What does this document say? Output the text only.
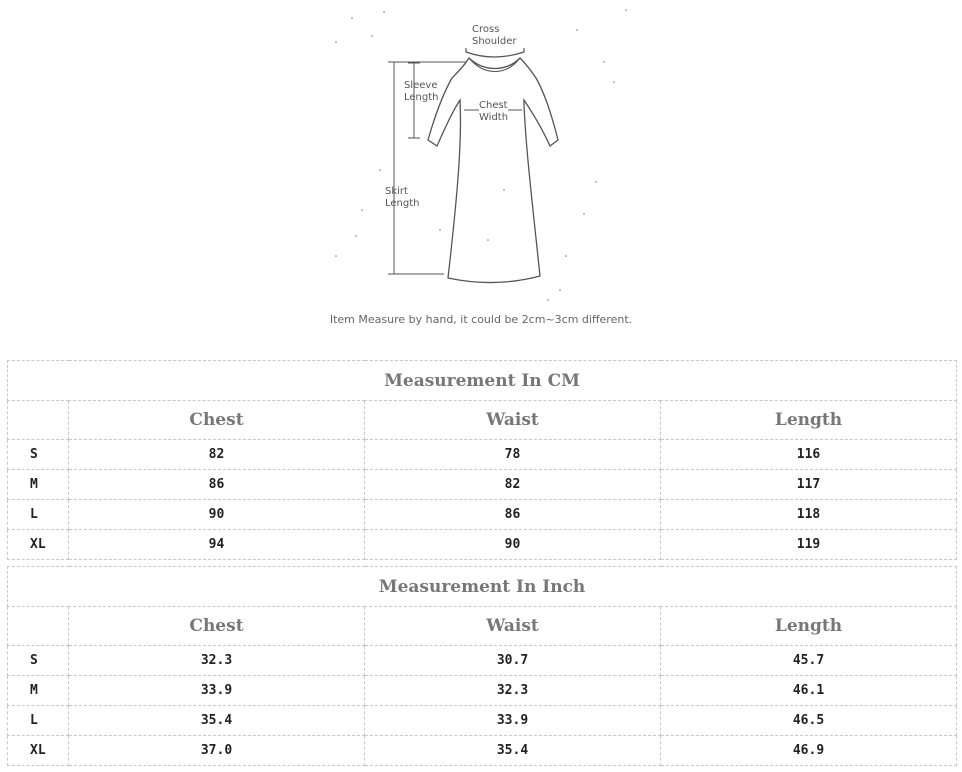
Cross
Shoulder
Sleeve
Length
Chest
Width
Skirt
Length
Item Measure by hand, it could be 2cm~3cm different.
Measurement In CM			
	Chest	Waist	Length
S	82	78	116
M	86	82	117
L	90	86	118
XL	94	90	119
Measurement In Inch			
	Chest	Waist	Length
S	32.3	30.7	45.7
M	33.9	32.3	46.1
L	35.4	33.9	46.5
XL	37.0	35.4	46.9
